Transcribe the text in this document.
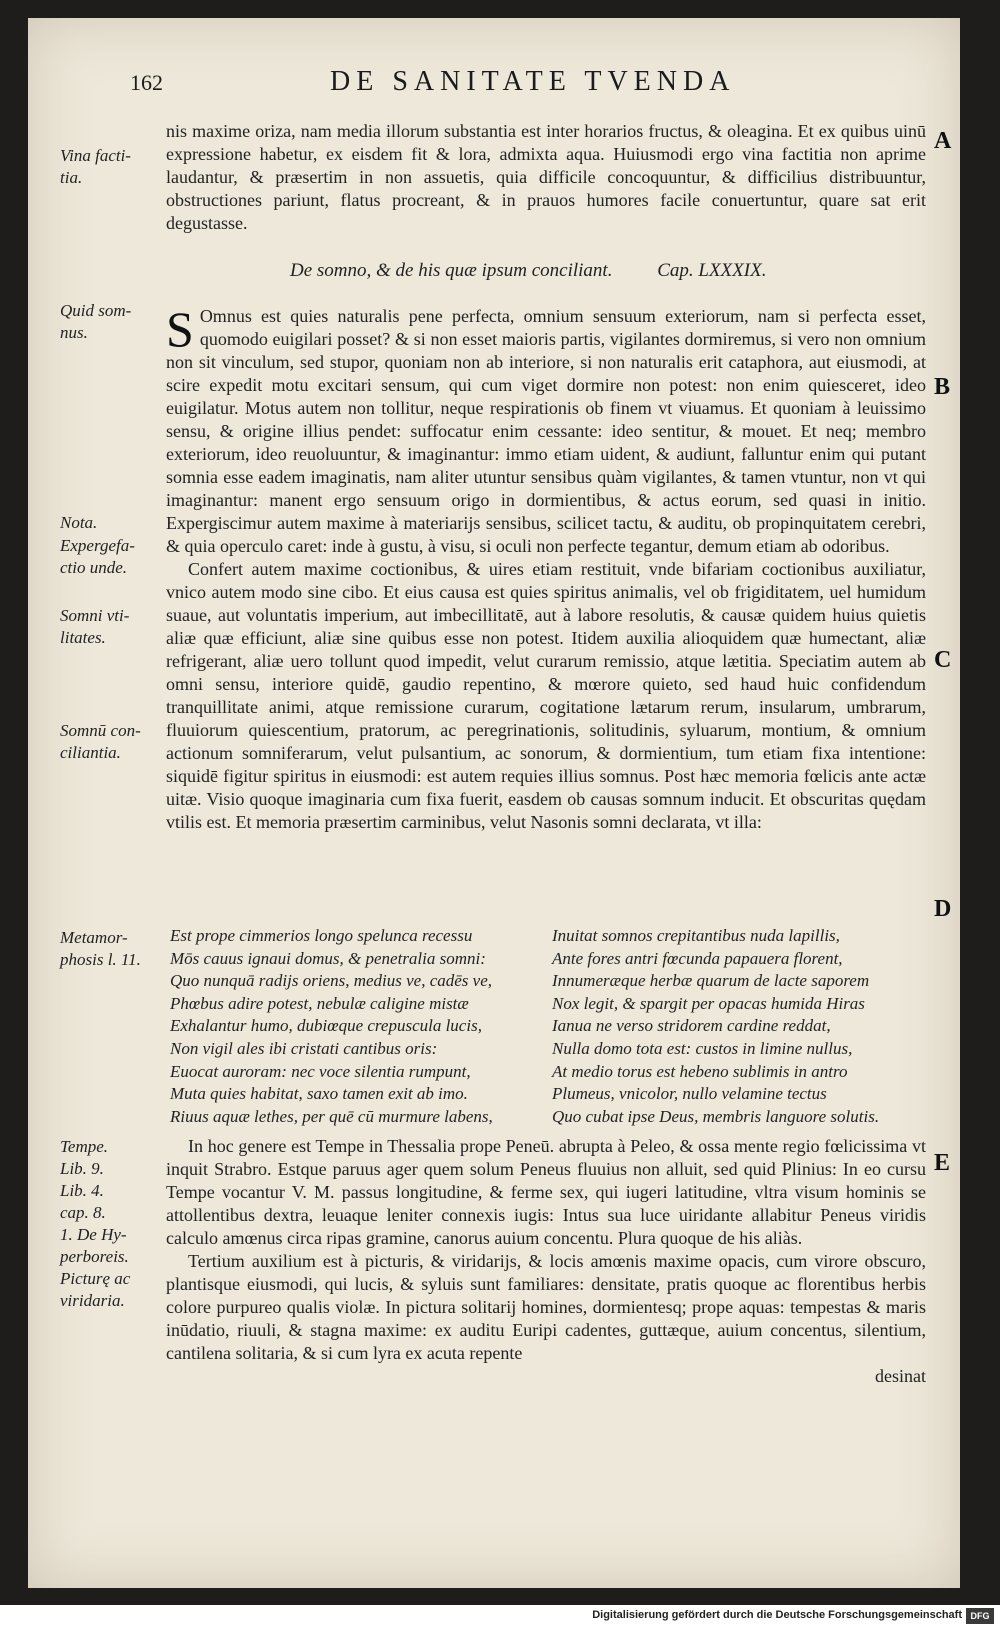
162	DE SANITATE TVENDA
A
B
C
D
E
Vina facti-
tia.
Quid som-
nus.
Nota.
Expergefa-
ctio unde.
Somni vti-
litates.
Somnū con-
ciliantia.
Metamor-
phosis l. 11.
Tempe.
Lib. 9.
Lib. 4.
cap. 8.
1. De Hy-
perboreis.
Picturę ac
viridaria.

nis maxime oriza, nam media illorum substantia est inter horarios fructus, & oleagina. Et ex quibus uinū expressione habetur, ex eisdem fit & lora, admixta aqua. Huiusmodi ergo vina factitia non aprime laudantur, & præsertim in non assuetis, quia difficile concoquuntur, & difficilius distribuuntur, obstructiones pariunt, flatus procreant, & in prauos humores facile conuertuntur, quare sat erit degustasse.

De somno, & de his quæ ipsum conciliant. Cap. LXXXIX.

S Omnus est quies naturalis pene perfecta, omnium sensuum exteriorum, nam si perfecta esset, quomodo euigilari posset? & si non esset maioris partis, vigilantes dormiremus, si vero non omnium non sit vinculum, sed stupor, quoniam non ab interiore, si non naturalis erit cataphora, aut eiusmodi, at scire expedit motu excitari sensum, qui cum viget dormire non potest: non enim quiesceret, ideo euigilatur. Motus autem non tollitur, neque respirationis ob finem vt viuamus. Et quoniam à leuissimo sensu, & origine illius pendet: suffocatur enim cessante: ideo sentitur, & mouet. Et neq; membro exteriorum, ideo reuoluuntur, & imaginantur: immo etiam uident, & audiunt, falluntur enim qui putant somnia esse eadem imaginatis, nam aliter utuntur sensibus quàm vigilantes, & tamen vtuntur, non vt qui imaginantur: manent ergo sensuum origo in dormientibus, & actus eorum, sed quasi in initio. Expergiscimur autem maxime à materiarijs sensibus, scilicet tactu, & auditu, ob propinquitatem cerebri, & quia operculo caret: inde à gustu, à visu, si oculi non perfecte tegantur, demum etiam ab odoribus.

Confert autem maxime coctionibus, & uires etiam restituit, vnde bifariam coctionibus auxiliatur, vnico autem modo sine cibo. Et eius causa est quies spiritus animalis, vel ob frigiditatem, uel humidum suaue, aut voluntatis imperium, aut imbecillitatē, aut à labore resolutis, & causæ quidem huius quietis aliæ quæ efficiunt, aliæ sine quibus esse non potest. Itidem auxilia alioquidem quæ humectant, aliæ refrigerant, aliæ uero tollunt quod impedit, velut curarum remissio, atque lætitia. Speciatim autem ab omni sensu, interiore quidē, gaudio repentino, & mœrore quieto, sed haud huic confidendum tranquillitate animi, atque remissione curarum, cogitatione lætarum rerum, insularum, umbrarum, fluuiorum quiescentium, pratorum, ac peregrinationis, solitudinis, syluarum, montium, & omnium actionum somniferarum, velut pulsantium, ac sonorum, & dormientium, tum etiam fixa intentione: siquidē figitur spiritus in eiusmodi: est autem requies illius somnus. Post hæc memoria fœlicis ante actæ uitæ. Visio quoque imaginaria cum fixa fuerit, easdem ob causas somnum inducit. Et obscuritas quędam vtilis est. Et memoria præsertim carminibus, velut Nasonis somni declarata, vt illa:

Est prope cimmerios longo spelunca recessu
Mōs cauus ignaui domus, & penetralia somni:
Quo nunquā radijs oriens, medius ve, cadēs ve,
Phœbus adire potest, nebulæ caligine mistæ
Exhalantur humo, dubiœque crepuscula lucis,
Non vigil ales ibi cristati cantibus oris:
Euocat auroram: nec voce silentia rumpunt,
Muta quies habitat, saxo tamen exit ab imo.
Riuus aquæ lethes, per quē cū murmure labens,
Inuitat somnos crepitantibus nuda lapillis,
Ante fores antri fœcunda papauera florent,
Innumeræque herbæ quarum de lacte saporem
Nox legit, & spargit per opacas humida Hiras
Ianua ne verso stridorem cardine reddat,
Nulla domo tota est: custos in limine nullus,
At medio torus est hebeno sublimis in antro
Plumeus, vnicolor, nullo velamine tectus
Quo cubat ipse Deus, membris languore solutis.

In hoc genere est Tempe in Thessalia prope Peneū. abrupta à Peleo, & ossa mente regio fœlicissima vt inquit Strabro. Estque paruus ager quem solum Peneus fluuius non alluit, sed quid Plinius: In eo cursu Tempe vocantur V. M. passus longitudine, & ferme sex, qui iugeri latitudine, vltra visum hominis se attollentibus dextra, leuaque leniter connexis iugis: Intus sua luce uiridante allabitur Peneus viridis calculo amœnus circa ripas gramine, canorus auium concentu. Plura quoque de his aliàs.

Tertium auxilium est à picturis, & viridarijs, & locis amœnis maxime opacis, cum virore obscuro, plantisque eiusmodi, qui lucis, & syluis sunt familiares: densitate, pratis quoque ac florentibus herbis colore purpureo qualis violæ. In pictura solitarij homines, dormientesq; prope aquas: tempestas & maris inūdatio, riuuli, & stagna maxime: ex auditu Euripi cadentes, guttæque, auium concentus, silentium, cantilena solitaria, & si cum lyra ex acuta repente

desinat
Digitalisierung gefördert durch die Deutsche Forschungsgemeinschaft DFG
